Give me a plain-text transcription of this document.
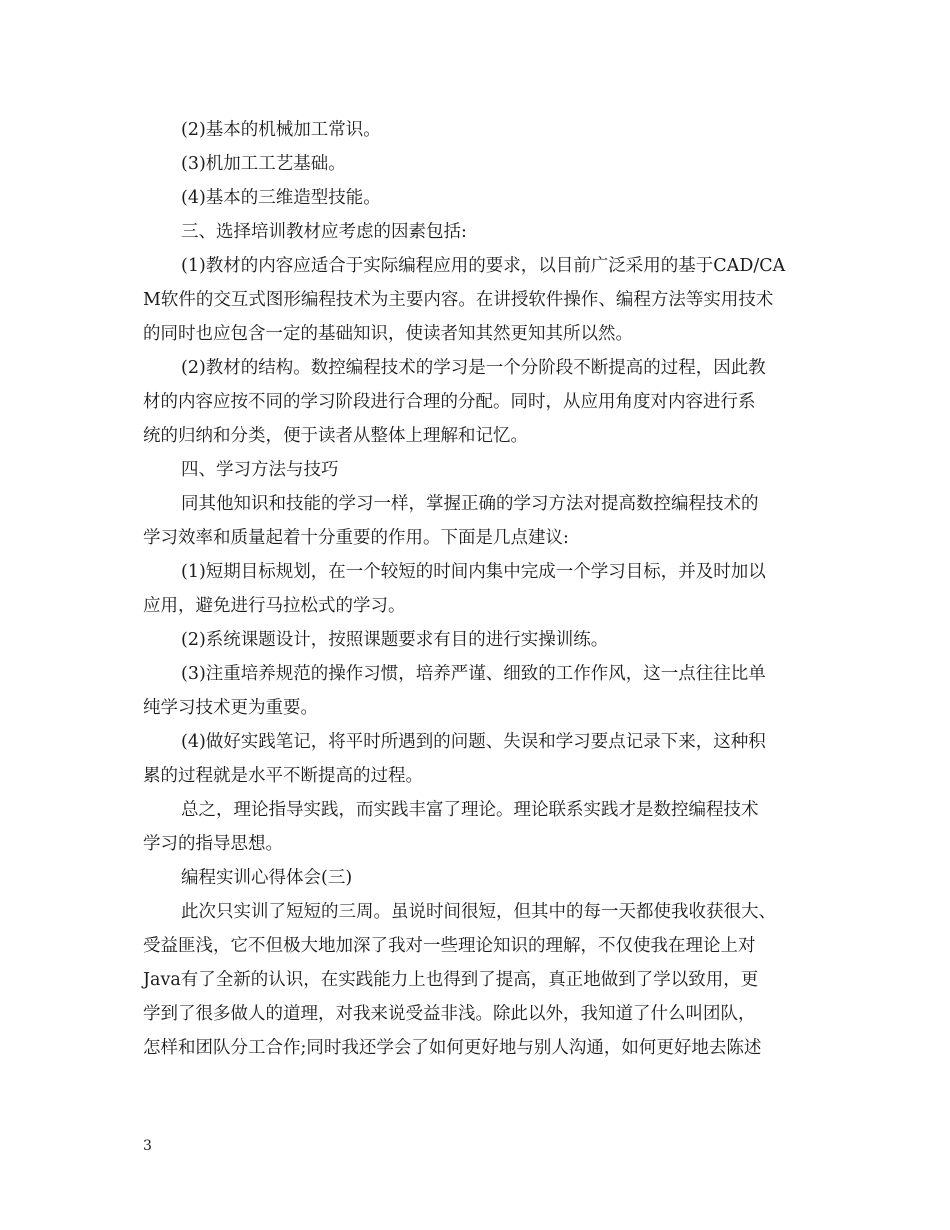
(2)基本的机械加工常识。
(3)机加工工艺基础。
(4)基本的三维造型技能。
三、选择培训教材应考虑的因素包括:
(1)教材的内容应适合于实际编程应用的要求，以目前广泛采用的基于CAD/CA
M软件的交互式图形编程技术为主要内容。在讲授软件操作、编程方法等实用技术
的同时也应包含一定的基础知识，使读者知其然更知其所以然。
(2)教材的结构。数控编程技术的学习是一个分阶段不断提高的过程，因此教
材的内容应按不同的学习阶段进行合理的分配。同时，从应用角度对内容进行系
统的归纳和分类，便于读者从整体上理解和记忆。
四、学习方法与技巧
同其他知识和技能的学习一样，掌握正确的学习方法对提高数控编程技术的
学习效率和质量起着十分重要的作用。下面是几点建议:
(1)短期目标规划，在一个较短的时间内集中完成一个学习目标，并及时加以
应用，避免进行马拉松式的学习。
(2)系统课题设计，按照课题要求有目的进行实操训练。
(3)注重培养规范的操作习惯，培养严谨、细致的工作作风，这一点往往比单
纯学习技术更为重要。
(4)做好实践笔记，将平时所遇到的问题、失误和学习要点记录下来，这种积
累的过程就是水平不断提高的过程。
总之，理论指导实践，而实践丰富了理论。理论联系实践才是数控编程技术
学习的指导思想。
编程实训心得体会(三)
此次只实训了短短的三周。虽说时间很短，但其中的每一天都使我收获很大、
受益匪浅，它不但极大地加深了我对一些理论知识的理解，不仅使我在理论上对
Java有了全新的认识，在实践能力上也得到了提高，真正地做到了学以致用，更
学到了很多做人的道理，对我来说受益非浅。除此以外，我知道了什么叫团队，
怎样和团队分工合作;同时我还学会了如何更好地与别人沟通，如何更好地去陈述
3
